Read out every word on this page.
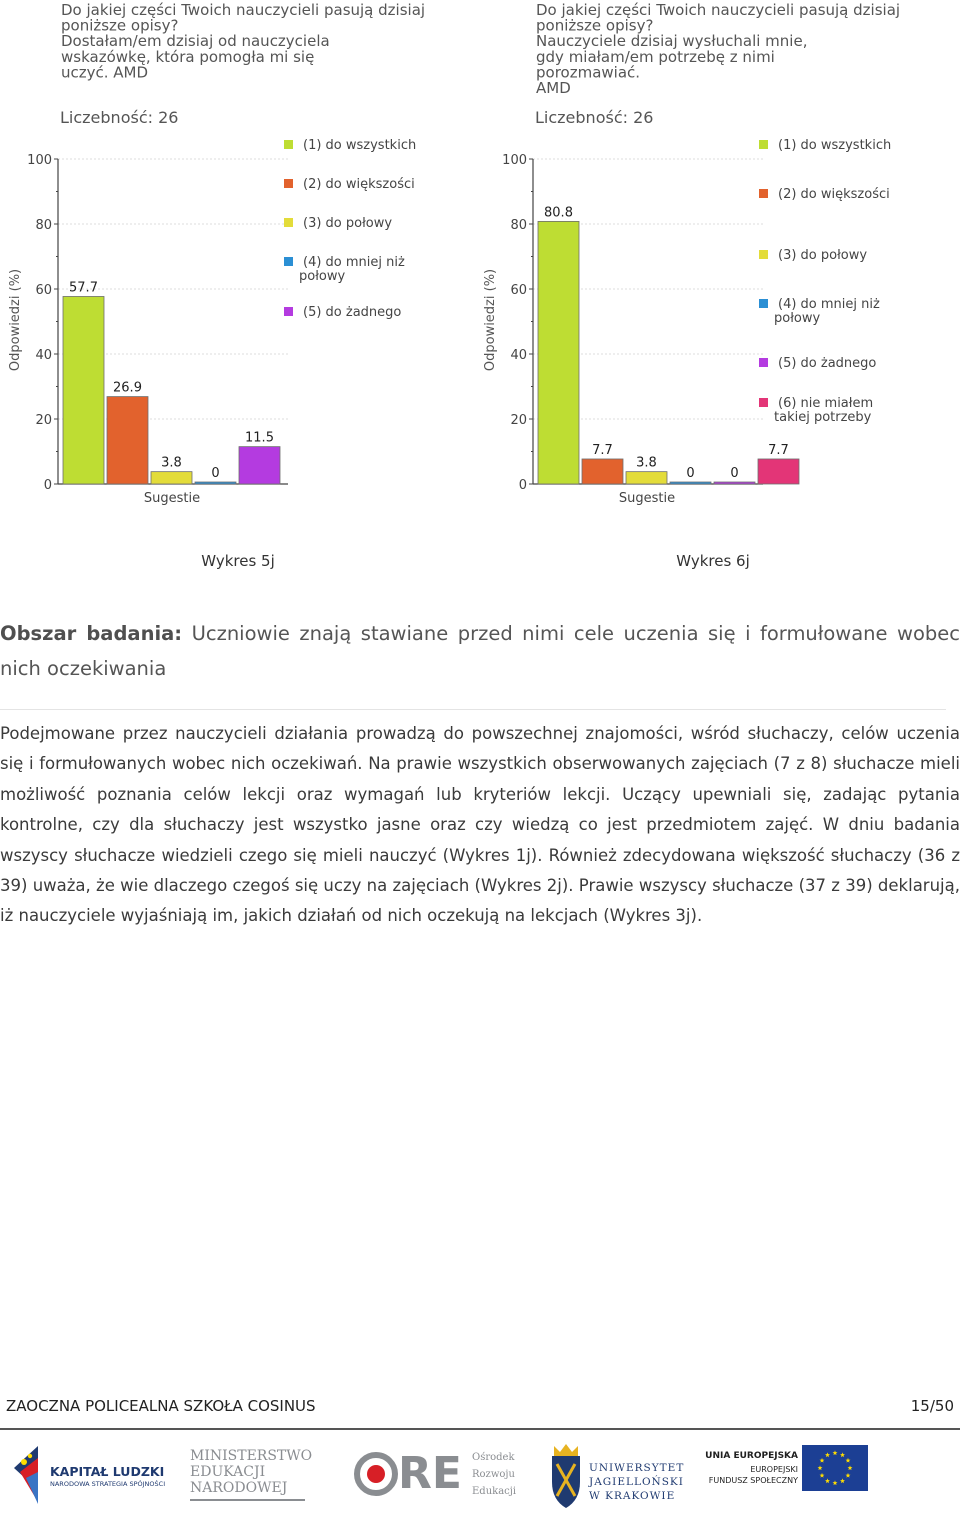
Do jakiej części Twoich nauczycieli pasują dzisiaj
poniższe opisy?
Dostałam/em dzisiaj od nauczyciela
wskazówkę, która pomogła mi się
uczyć. AMD
Liczebność: 26
0
20
40
60
80
100
Odpowiedzi (%)
Sugestie
57.7
26.9
3.8
0
11.5
(1) do wszystkich
(2) do większości
(3) do połowy
(4) do mniej niż
połowy
(5) do żadnego
Wykres 5j
Do jakiej części Twoich nauczycieli pasują dzisiaj
poniższe opisy?
Nauczyciele dzisiaj wysłuchali mnie,
gdy miałam/em potrzebę z nimi
porozmawiać.
AMD
Liczebność: 26
0
20
40
60
80
100
Odpowiedzi (%)
Sugestie
80.8
7.7
3.8
0	0
7.7
(1) do wszystkich
(2) do większości
(3) do połowy
(4) do mniej niż
połowy
(5) do żadnego
(6) nie miałem
takiej potrzeby
Wykres 6j
Obszar badania: Uczniowie znają stawiane przed nimi cele uczenia się i formułowane wobec nich oczekiwania
Podejmowane przez nauczycieli działania prowadzą do powszechnej znajomości, wśród słuchaczy, celów uczenia się i formułowanych wobec nich oczekiwań. Na prawie wszystkich obserwowanych zajęciach (7 z 8) słuchacze mieli możliwość poznania celów lekcji oraz wymagań lub kryteriów lekcji. Uczący upewniali się, zadając pytania kontrolne, czy dla słuchaczy jest wszystko jasne oraz czy wiedzą co jest przedmiotem zajęć. W dniu badania wszyscy słuchacze wiedzieli czego się mieli nauczyć (Wykres 1j). Również zdecydowana większość słuchaczy (36 z 39) uważa, że wie dlaczego czegoś się uczy na zajęciach (Wykres 2j). Prawie wszyscy słuchacze (37 z 39) deklarują, iż nauczyciele wyjaśniają im, jakich działań od nich oczekują na lekcjach (Wykres 3j).
ZAOCZNA POLICEALNA SZKOŁA COSINUS	15/50
KAPITAŁ LUDZKI
NARODOWA STRATEGIA SPÓJNOŚCI
MINISTERSTWO
EDUKACJI
NARODOWEJ	RE Ośrodek
Rozwoju
Edukacji
UNIWERSYTET
JAGIELLOŃSKI
W KRAKOWIE
UNIA EUROPEJSKA
EUROPEJSKI
FUNDUSZ SPOŁECZNY
